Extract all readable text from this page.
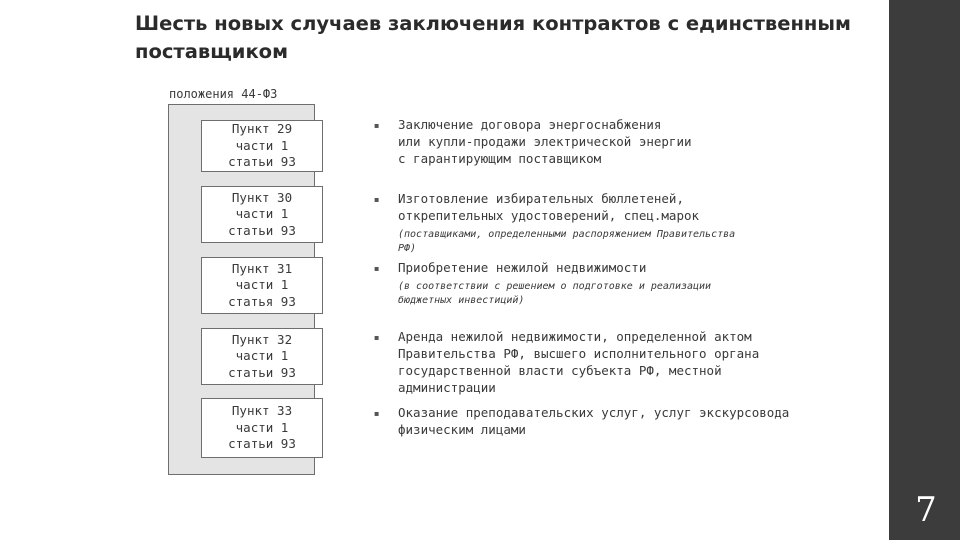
Шесть новых случаев заключения контрактов с единственным поставщиком
положения 44-ФЗ
Пункт 29
части 1
статьи 93
Пункт 30
части 1
статьи 93
Пункт 31
части 1
статья 93
Пункт 32
части 1
статьи 93
Пункт 33
части 1
статьи 93
▪ Заключение договора энергоснабжения
или купли-продажи электрической энергии
с гарантирующим поставщиком
▪ Изготовление избирательных бюллетеней,
открепительных удостоверений, спец.марок
(поставщиками, определенными распоряжением Правительства
РФ)
▪ Приобретение нежилой недвижимости
(в соответствии с решением о подготовке и реализации
бюджетных инвестиций)
▪ Аренда нежилой недвижимости, определенной актом
Правительства РФ, высшего исполнительного органа
государственной власти субъекта РФ, местной
администрации
▪ Оказание преподавательских услуг, услуг экскурсовода
физическим лицами
7
